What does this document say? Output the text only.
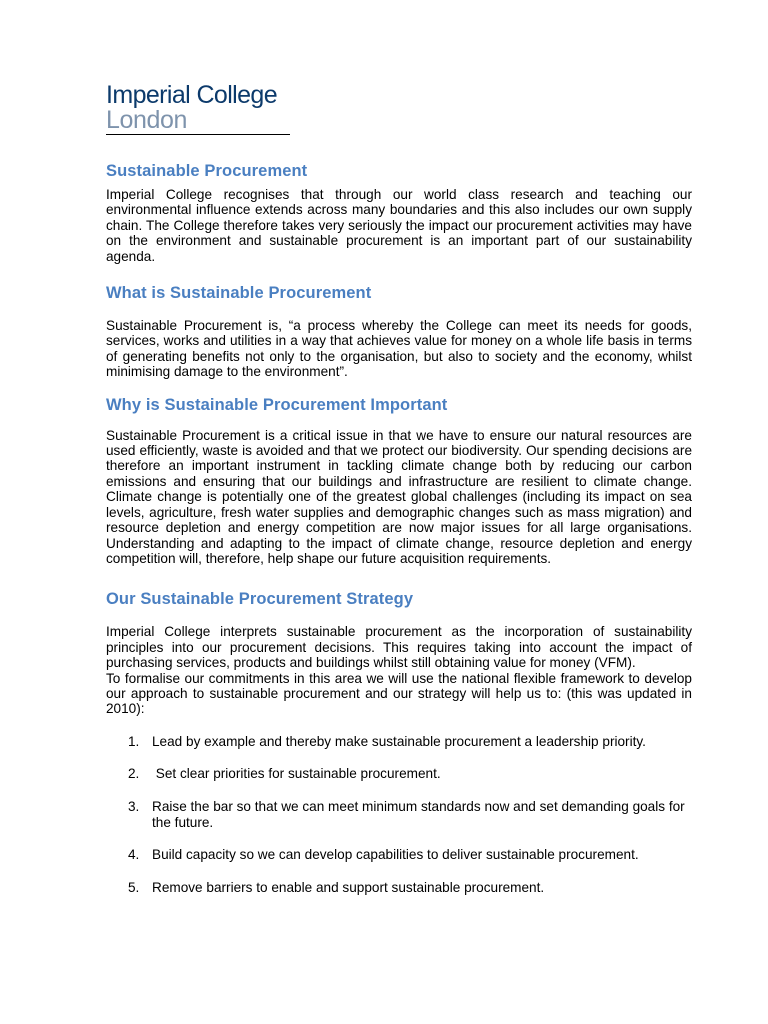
Imperial College
London
Sustainable Procurement

Imperial College recognises that through our world class research and teaching our environmental influence extends across many boundaries and this also includes our own supply chain. The College therefore takes very seriously the impact our procurement activities may have on the environment and sustainable procurement is an important part of our sustainability agenda.

What is Sustainable Procurement

Sustainable Procurement is, “a process whereby the College can meet its needs for goods, services, works and utilities in a way that achieves value for money on a whole life basis in terms of generating benefits not only to the organisation, but also to society and the economy, whilst minimising damage to the environment”.

Why is Sustainable Procurement Important

Sustainable Procurement is a critical issue in that we have to ensure our natural resources are used efficiently, waste is avoided and that we protect our biodiversity. Our spending decisions are therefore an important instrument in tackling climate change both by reducing our carbon emissions and ensuring that our buildings and infrastructure are resilient to climate change. Climate change is potentially one of the greatest global challenges (including its impact on sea levels, agriculture, fresh water supplies and demographic changes such as mass migration) and resource depletion and energy competition are now major issues for all large organisations. Understanding and adapting to the impact of climate change, resource depletion and energy competition will, therefore, help shape our future acquisition requirements.

Our Sustainable Procurement Strategy

Imperial College interprets sustainable procurement as the incorporation of sustainability principles into our procurement decisions. This requires taking into account the impact of purchasing services, products and buildings whilst still obtaining value for money (VFM).

To formalise our commitments in this area we will use the national flexible framework to develop our approach to sustainable procurement and our strategy will help us to: (this was updated in 2010):

1. Lead by example and thereby make sustainable procurement a leadership priority.
2. Set clear priorities for sustainable procurement.
3. Raise the bar so that we can meet minimum standards now and set demanding goals for the future.
4. Build capacity so we can develop capabilities to deliver sustainable procurement.
5. Remove barriers to enable and support sustainable procurement.
